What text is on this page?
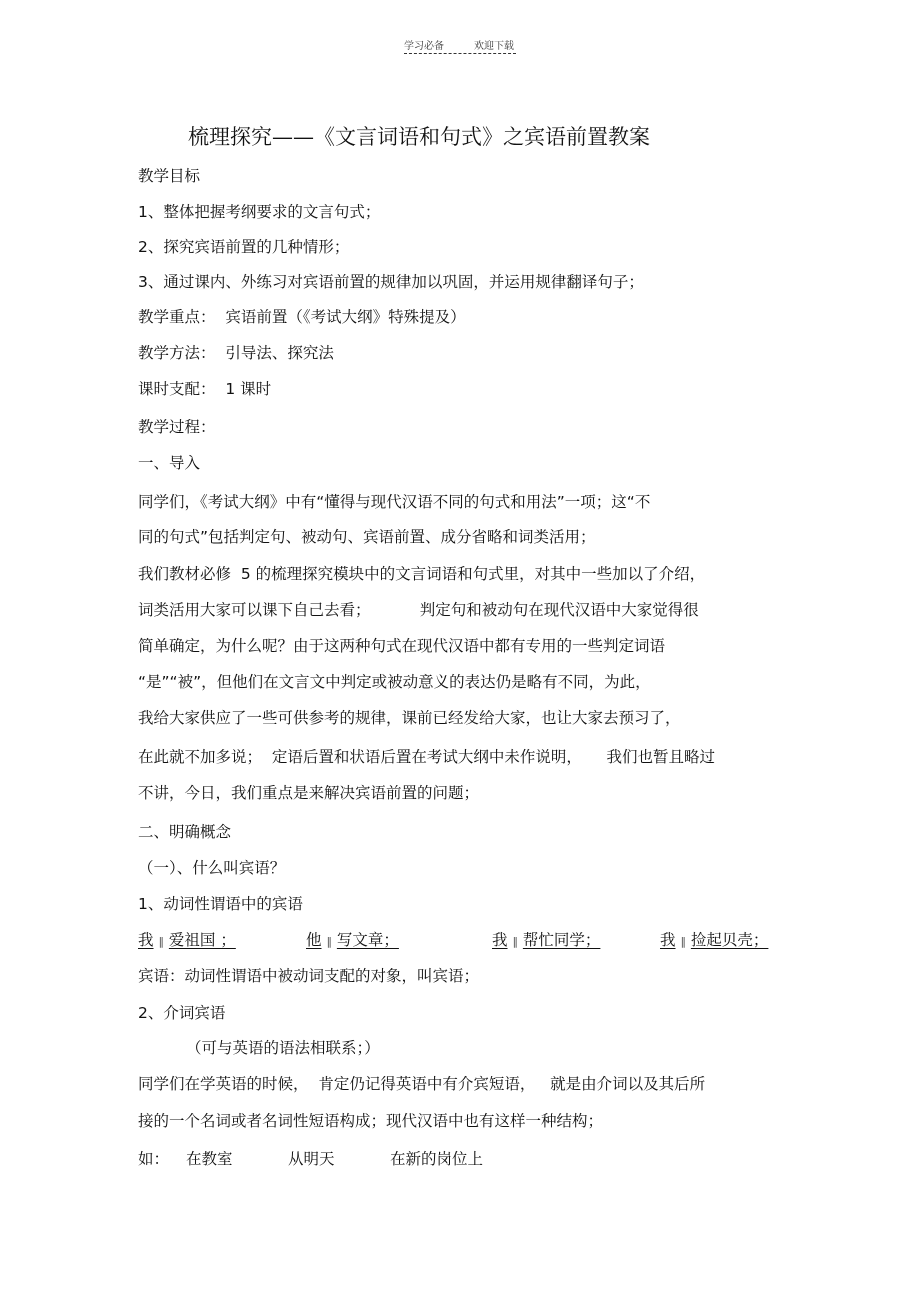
学习必备	欢迎下载
梳理探究——《文言词语和句式》之宾语前置教案
教学目标
1、整体把握考纲要求的文言句式；
2、探究宾语前置的几种情形；
3、通过课内、外练习对宾语前置的规律加以巩固，并运用规律翻译句子；
教学重点：  宾语前置（《考试大纲》特殊提及）
教学方法：  引导法、探究法
课时支配：  1 课时
教学过程：
一、导入
同学们，《考试大纲》中有“懂得与现代汉语不同的句式和用法”一项；这“不
同的句式”包括判定句、被动句、宾语前置、成分省略和词类活用；
我们教材必修  5 的梳理探究模块中的文言词语和句式里，对其中一些加以了介绍，
词类活用大家可以课下自己去看；          判定句和被动句在现代汉语中大家觉得很
简单确定，为什么呢？由于这两种句式在现代汉语中都有专用的一些判定词语
“是”“被”，但他们在文言文中判定或被动意义的表达仍是略有不同，为此，
我给大家供应了一些可供参考的规律，课前已经发给大家，也让大家去预习了，
在此就不加多说；  定语后置和状语后置在考试大纲中未作说明，     我们也暂且略过
不讲，今日，我们重点是来解决宾语前置的问题；
二、明确概念
（一）、什么叫宾语？
1、动词性谓语中的宾语
我 ‖ 爱祖国 ；	他 ‖ 写文章；	我 ‖ 帮忙同学；	我 ‖ 捡起贝壳；
宾语：动词性谓语中被动词支配的对象，叫宾语；
2、介词宾语
（可与英语的语法相联系；）
同学们在学英语的时候，  肯定仍记得英语中有介宾短语，   就是由介词以及其后所
接的一个名词或者名词性短语构成；现代汉语中也有这样一种结构；
如： 在教室	从明天	在新的岗位上
